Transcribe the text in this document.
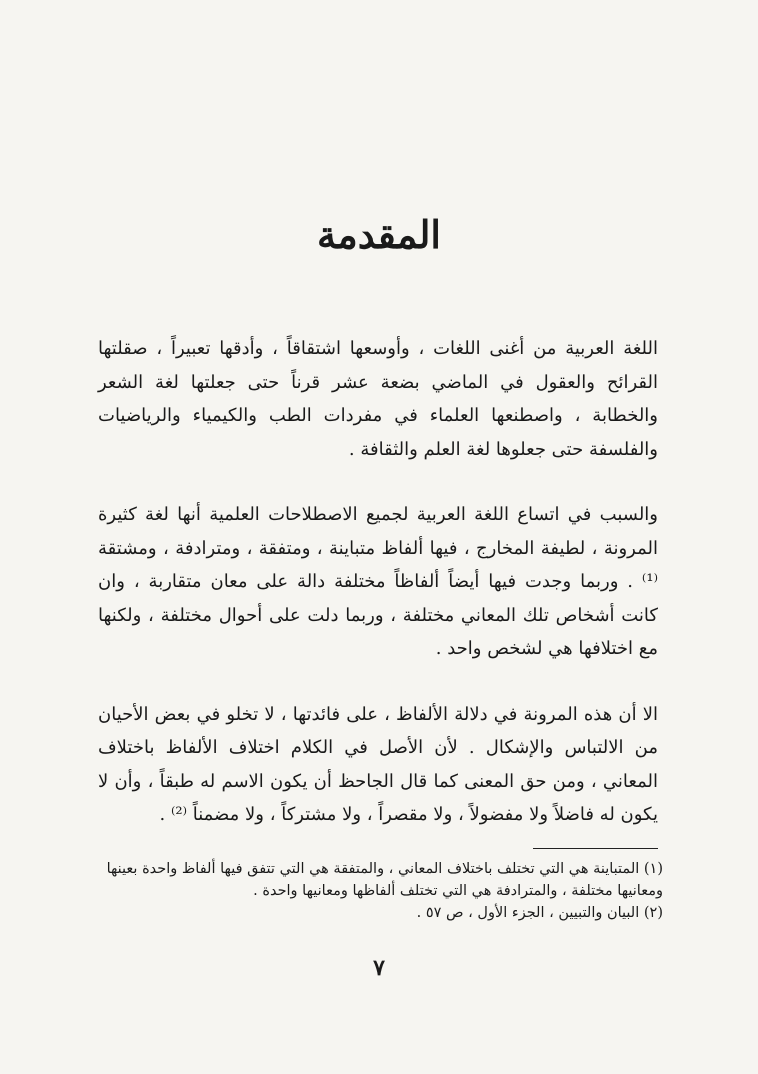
المقدمة

اللغة العربية من أغنى اللغات ، وأوسعها اشتقاقاً ، وأدقها تعبيراً ، صقلتها القرائح والعقول في الماضي بضعة عشر قرناً حتى جعلتها لغة الشعر والخطابة ، واصطنعها العلماء في مفردات الطب والكيمياء والرياضيات والفلسفة حتى جعلوها لغة العلم والثقافة .

والسبب في اتساع اللغة العربية لجميع الاصطلاحات العلمية أنها لغة كثيرة المرونة ، لطيفة المخارج ، فيها ألفاظ متباينة ، ومتفقة ، ومترادفة ، ومشتقة ⁽¹⁾ . وربما وجدت فيها أيضاً ألفاظاً مختلفة دالة على معان متقاربة ، وان كانت أشخاص تلك المعاني مختلفة ، وربما دلت على أحوال مختلفة ، ولكنها مع اختلافها هي لشخص واحد .

الا أن هذه المرونة في دلالة الألفاظ ، على فائدتها ، لا تخلو في بعض الأحيان من الالتباس والإشكال . لأن الأصل في الكلام اختلاف الألفاظ باختلاف المعاني ، ومن حق المعنى كما قال الجاحظ أن يكون الاسم له طبقاً ، وأن لا يكون له فاضلاً ولا مفضولاً ، ولا مقصراً ، ولا مشتركاً ، ولا مضمناً ⁽²⁾ .

(١) المتباينة هي التي تختلف باختلاف المعاني ، والمتفقة هي التي تتفق فيها ألفاظ واحدة بعينها ومعانيها مختلفة ، والمترادفة هي التي تختلف ألفاظها ومعانيها واحدة .

(٢) البيان والتبيين ، الجزء الأول ، ص ٥٧ .

٧
